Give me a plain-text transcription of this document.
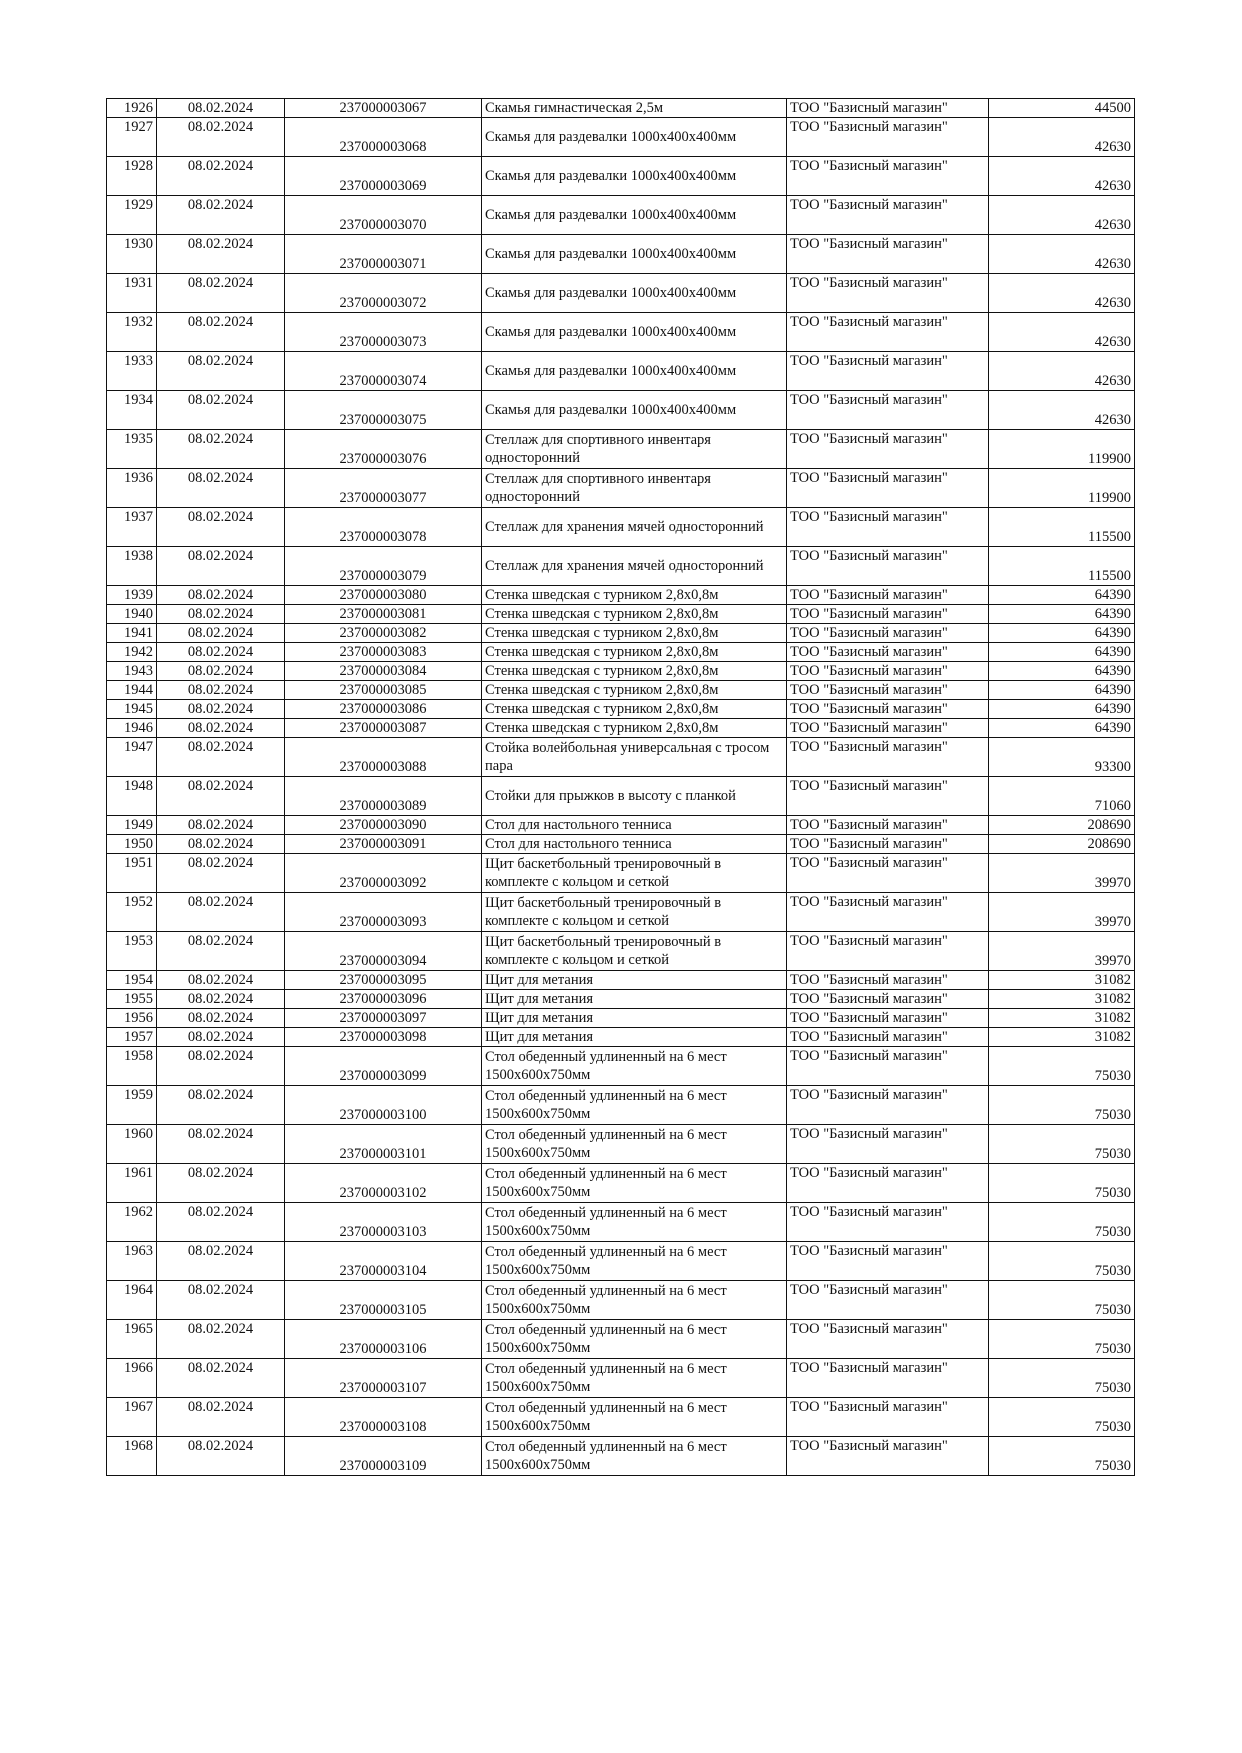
1926	08.02.2024	237000003067	Скамья гимнастическая 2,5м	ТОО "Базисный магазин"	44500
1927	08.02.2024	237000003068	Скамья для раздевалки 1000х400х400мм	ТОО "Базисный магазин"	42630
1928	08.02.2024	237000003069	Скамья для раздевалки 1000х400х400мм	ТОО "Базисный магазин"	42630
1929	08.02.2024	237000003070	Скамья для раздевалки 1000х400х400мм	ТОО "Базисный магазин"	42630
1930	08.02.2024	237000003071	Скамья для раздевалки 1000х400х400мм	ТОО "Базисный магазин"	42630
1931	08.02.2024	237000003072	Скамья для раздевалки 1000х400х400мм	ТОО "Базисный магазин"	42630
1932	08.02.2024	237000003073	Скамья для раздевалки 1000х400х400мм	ТОО "Базисный магазин"	42630
1933	08.02.2024	237000003074	Скамья для раздевалки 1000х400х400мм	ТОО "Базисный магазин"	42630
1934	08.02.2024	237000003075	Скамья для раздевалки 1000х400х400мм	ТОО "Базисный магазин"	42630
1935	08.02.2024	237000003076	Стеллаж для спортивного инвентаря односторонний	ТОО "Базисный магазин"	119900
1936	08.02.2024	237000003077	Стеллаж для спортивного инвентаря односторонний	ТОО "Базисный магазин"	119900
1937	08.02.2024	237000003078	Стеллаж для хранения мячей односторонний	ТОО "Базисный магазин"	115500
1938	08.02.2024	237000003079	Стеллаж для хранения мячей односторонний	ТОО "Базисный магазин"	115500
1939	08.02.2024	237000003080	Стенка шведская с турником 2,8х0,8м	ТОО "Базисный магазин"	64390
1940	08.02.2024	237000003081	Стенка шведская с турником 2,8х0,8м	ТОО "Базисный магазин"	64390
1941	08.02.2024	237000003082	Стенка шведская с турником 2,8х0,8м	ТОО "Базисный магазин"	64390
1942	08.02.2024	237000003083	Стенка шведская с турником 2,8х0,8м	ТОО "Базисный магазин"	64390
1943	08.02.2024	237000003084	Стенка шведская с турником 2,8х0,8м	ТОО "Базисный магазин"	64390
1944	08.02.2024	237000003085	Стенка шведская с турником 2,8х0,8м	ТОО "Базисный магазин"	64390
1945	08.02.2024	237000003086	Стенка шведская с турником 2,8х0,8м	ТОО "Базисный магазин"	64390
1946	08.02.2024	237000003087	Стенка шведская с турником 2,8х0,8м	ТОО "Базисный магазин"	64390
1947	08.02.2024	237000003088	Стойка волейбольная универсальная с тросом пара	ТОО "Базисный магазин"	93300
1948	08.02.2024	237000003089	Стойки для прыжков в высоту с планкой	ТОО "Базисный магазин"	71060
1949	08.02.2024	237000003090	Стол для настольного тенниса	ТОО "Базисный магазин"	208690
1950	08.02.2024	237000003091	Стол для настольного тенниса	ТОО "Базисный магазин"	208690
1951	08.02.2024	237000003092	Щит баскетбольный тренировочный в комплекте с кольцом и сеткой	ТОО "Базисный магазин"	39970
1952	08.02.2024	237000003093	Щит баскетбольный тренировочный в комплекте с кольцом и сеткой	ТОО "Базисный магазин"	39970
1953	08.02.2024	237000003094	Щит баскетбольный тренировочный в комплекте с кольцом и сеткой	ТОО "Базисный магазин"	39970
1954	08.02.2024	237000003095	Щит для метания	ТОО "Базисный магазин"	31082
1955	08.02.2024	237000003096	Щит для метания	ТОО "Базисный магазин"	31082
1956	08.02.2024	237000003097	Щит для метания	ТОО "Базисный магазин"	31082
1957	08.02.2024	237000003098	Щит для метания	ТОО "Базисный магазин"	31082
1958	08.02.2024	237000003099	Стол обеденный удлиненный на 6 мест 1500х600х750мм	ТОО "Базисный магазин"	75030
1959	08.02.2024	237000003100	Стол обеденный удлиненный на 6 мест 1500х600х750мм	ТОО "Базисный магазин"	75030
1960	08.02.2024	237000003101	Стол обеденный удлиненный на 6 мест 1500х600х750мм	ТОО "Базисный магазин"	75030
1961	08.02.2024	237000003102	Стол обеденный удлиненный на 6 мест 1500х600х750мм	ТОО "Базисный магазин"	75030
1962	08.02.2024	237000003103	Стол обеденный удлиненный на 6 мест 1500х600х750мм	ТОО "Базисный магазин"	75030
1963	08.02.2024	237000003104	Стол обеденный удлиненный на 6 мест 1500х600х750мм	ТОО "Базисный магазин"	75030
1964	08.02.2024	237000003105	Стол обеденный удлиненный на 6 мест 1500х600х750мм	ТОО "Базисный магазин"	75030
1965	08.02.2024	237000003106	Стол обеденный удлиненный на 6 мест 1500х600х750мм	ТОО "Базисный магазин"	75030
1966	08.02.2024	237000003107	Стол обеденный удлиненный на 6 мест 1500х600х750мм	ТОО "Базисный магазин"	75030
1967	08.02.2024	237000003108	Стол обеденный удлиненный на 6 мест 1500х600х750мм	ТОО "Базисный магазин"	75030
1968	08.02.2024	237000003109	Стол обеденный удлиненный на 6 мест 1500х600х750мм	ТОО "Базисный магазин"	75030
